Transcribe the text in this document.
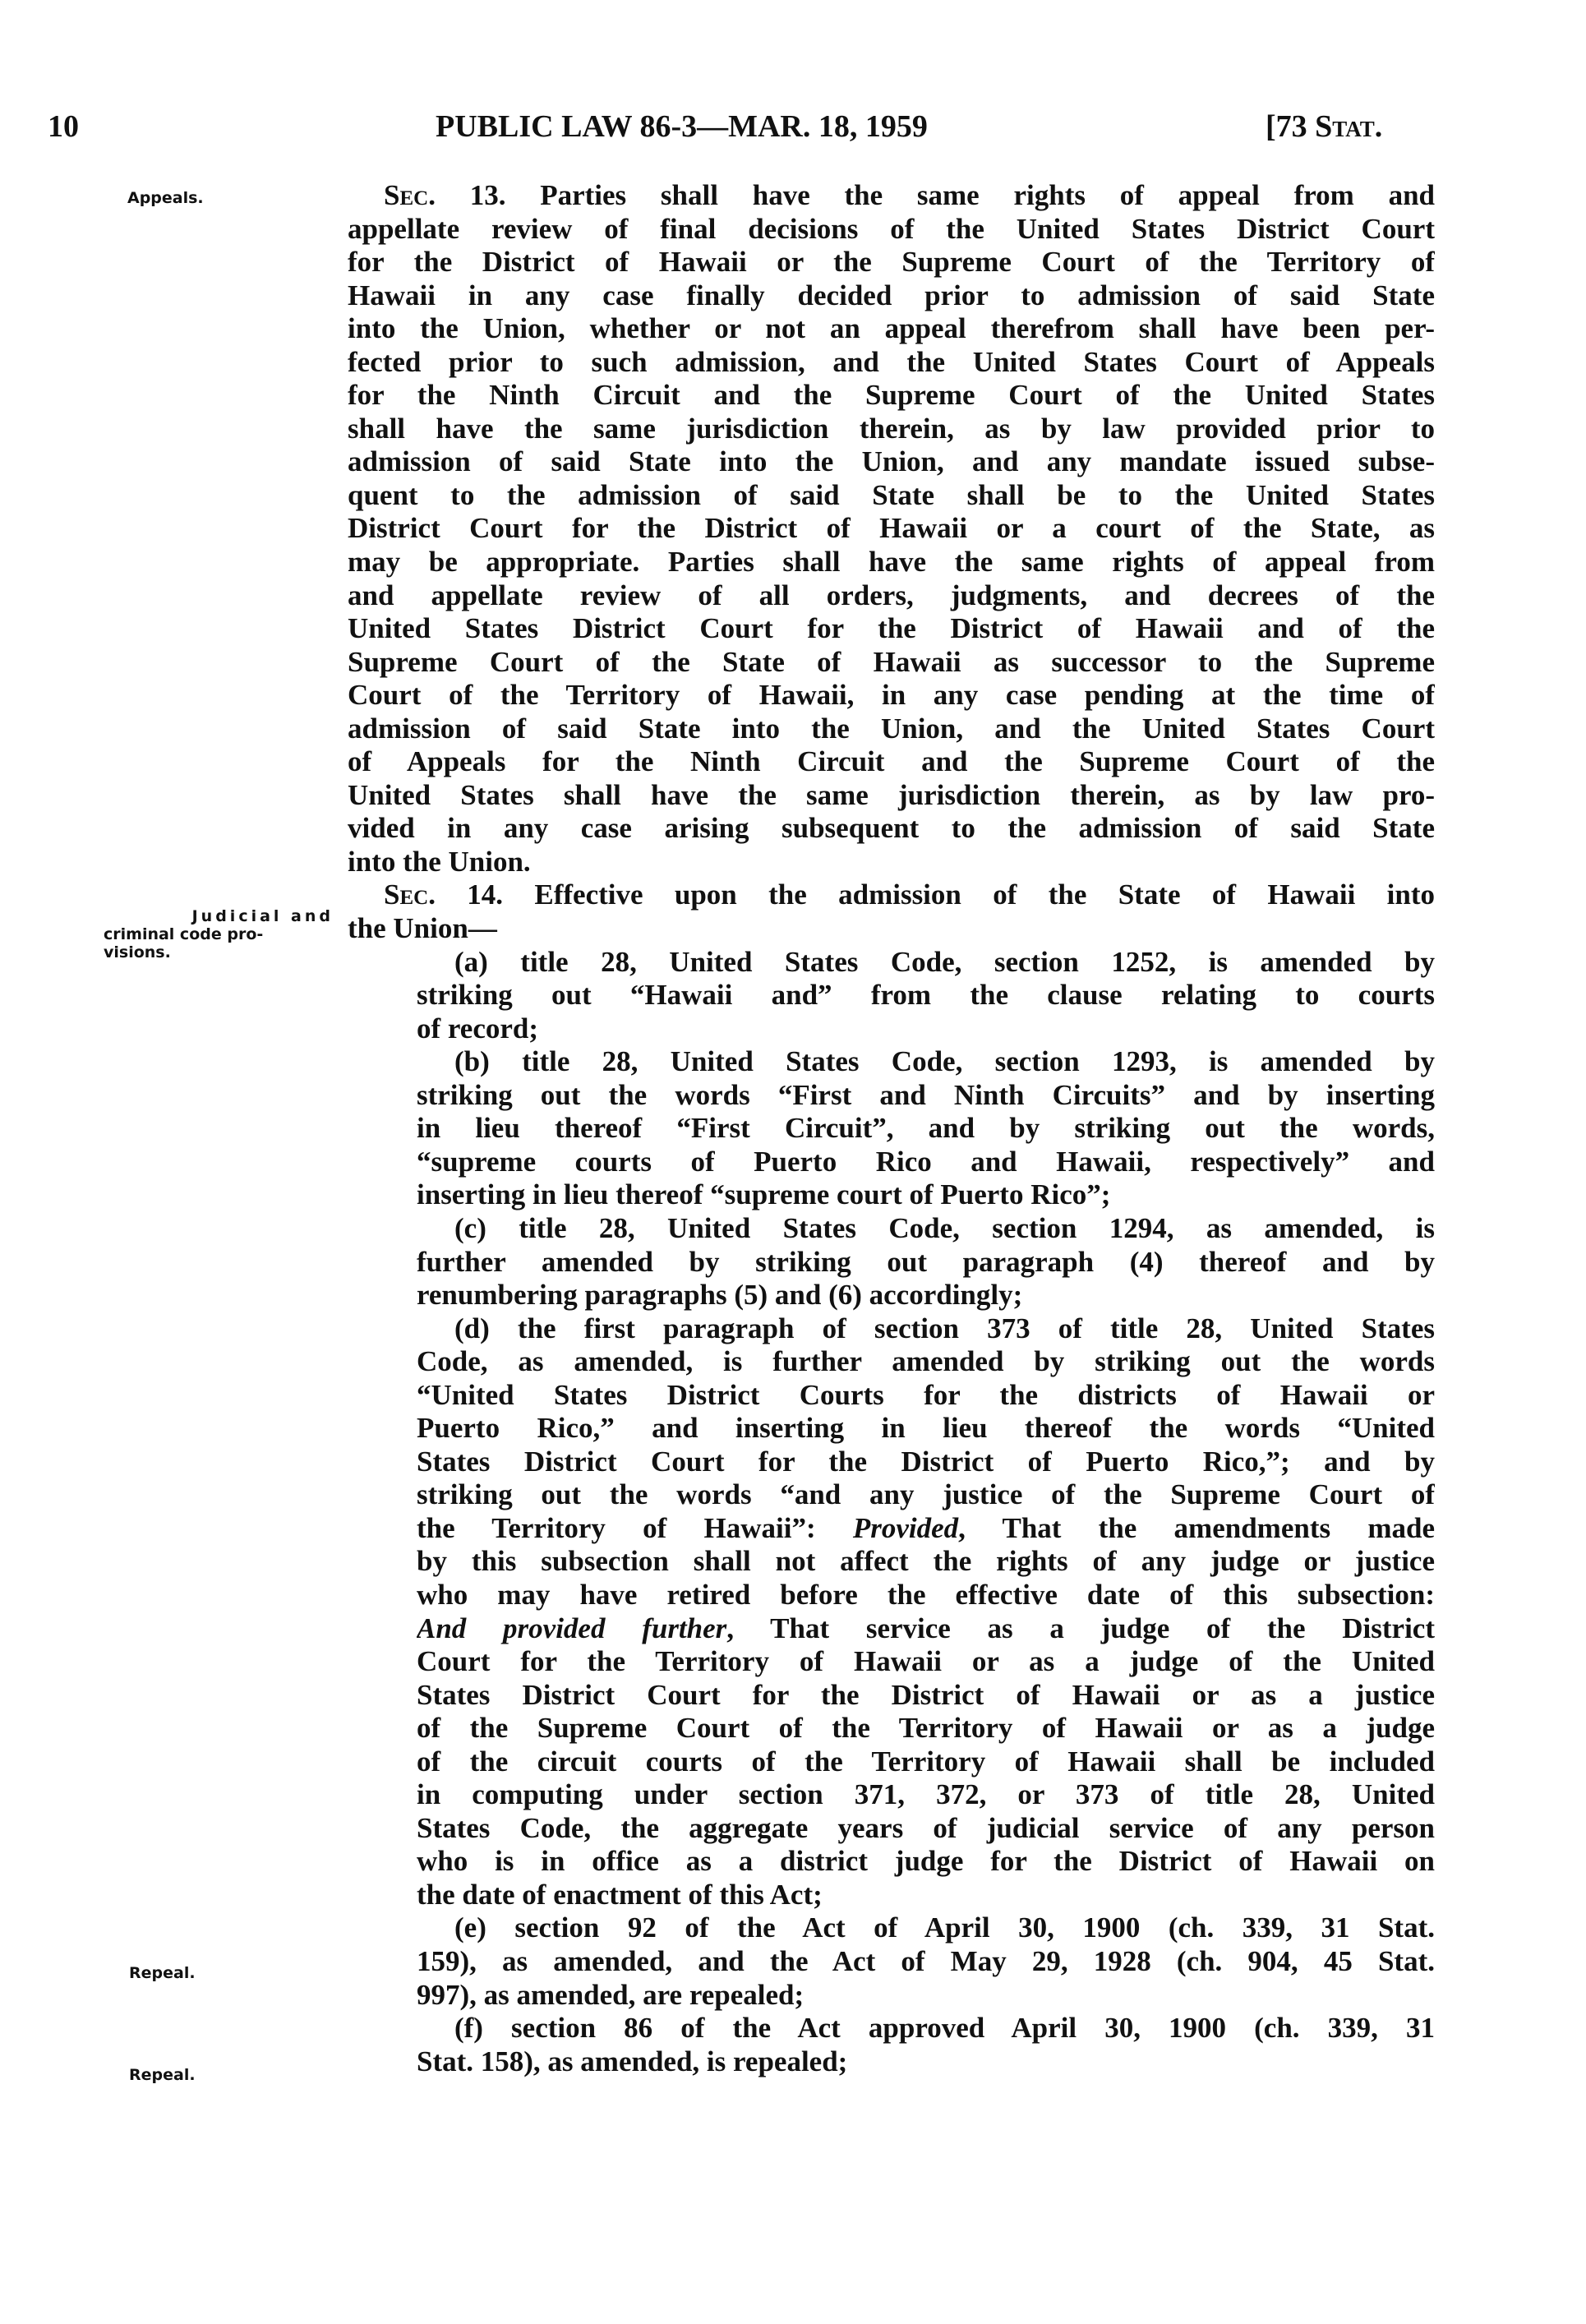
10	PUBLIC LAW 86-3—MAR. 18, 1959	[73 Stat.
Appeals.
Judicial and
criminal code pro-
visions.
Repeal.
Repeal.
Sec. 13. Parties shall have the same rights of appeal from and
appellate review of final decisions of the United States District Court
for the District of Hawaii or the Supreme Court of the Territory of
Hawaii in any case finally decided prior to admission of said State
into the Union, whether or not an appeal therefrom shall have been per-
fected prior to such admission, and the United States Court of Appeals
for the Ninth Circuit and the Supreme Court of the United States
shall have the same jurisdiction therein, as by law provided prior to
admission of said State into the Union, and any mandate issued subse-
quent to the admission of said State shall be to the United States
District Court for the District of Hawaii or a court of the State, as
may be appropriate. Parties shall have the same rights of appeal from
and appellate review of all orders, judgments, and decrees of the
United States District Court for the District of Hawaii and of the
Supreme Court of the State of Hawaii as successor to the Supreme
Court of the Territory of Hawaii, in any case pending at the time of
admission of said State into the Union, and the United States Court
of Appeals for the Ninth Circuit and the Supreme Court of the
United States shall have the same jurisdiction therein, as by law pro-
vided in any case arising subsequent to the admission of said State
into the Union.
Sec. 14. Effective upon the admission of the State of Hawaii into
the Union—
(a) title 28, United States Code, section 1252, is amended by
striking out “Hawaii and” from the clause relating to courts
of record;
(b) title 28, United States Code, section 1293, is amended by
striking out the words “First and Ninth Circuits” and by inserting
in lieu thereof “First Circuit”, and by striking out the words,
“supreme courts of Puerto Rico and Hawaii, respectively” and
inserting in lieu thereof “supreme court of Puerto Rico”;
(c) title 28, United States Code, section 1294, as amended, is
further amended by striking out paragraph (4) thereof and by
renumbering paragraphs (5) and (6) accordingly;
(d) the first paragraph of section 373 of title 28, United States
Code, as amended, is further amended by striking out the words
“United States District Courts for the districts of Hawaii or
Puerto Rico,” and inserting in lieu thereof the words “United
States District Court for the District of Puerto Rico,”; and by
striking out the words “and any justice of the Supreme Court of
the Territory of Hawaii”: Provided, That the amendments made
by this subsection shall not affect the rights of any judge or justice
who may have retired before the effective date of this subsection:
And provided further, That service as a judge of the District
Court for the Territory of Hawaii or as a judge of the United
States District Court for the District of Hawaii or as a justice
of the Supreme Court of the Territory of Hawaii or as a judge
of the circuit courts of the Territory of Hawaii shall be included
in computing under section 371, 372, or 373 of title 28, United
States Code, the aggregate years of judicial service of any person
who is in office as a district judge for the District of Hawaii on
the date of enactment of this Act;
(e) section 92 of the Act of April 30, 1900 (ch. 339, 31 Stat.
159), as amended, and the Act of May 29, 1928 (ch. 904, 45 Stat.
997), as amended, are repealed;
(f) section 86 of the Act approved April 30, 1900 (ch. 339, 31
Stat. 158), as amended, is repealed;
